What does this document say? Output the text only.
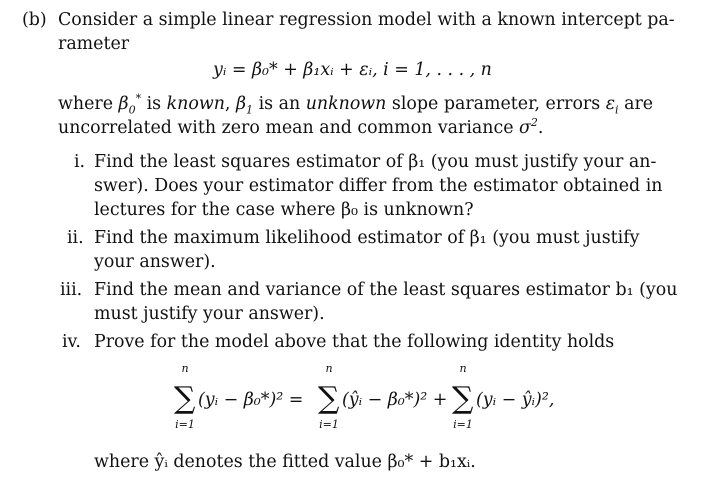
(b) Consider a simple linear regression model with a known intercept pa-
rameter
yᵢ = β₀* + β₁xᵢ + εᵢ, i = 1, . . . , n
where $\beta_0^*$ is known, $\beta_1$ is an unknown slope parameter, errors $\varepsilon_i$ are
uncorrelated with zero mean and common variance $\sigma^2$.
i. Find the least squares estimator of β₁ (you must justify your an-
swer). Does your estimator differ from the estimator obtained in
lectures for the case where β₀ is unknown?
ii. Find the maximum likelihood estimator of β₁ (you must justify
your answer).
iii. Find the mean and variance of the least squares estimator b₁ (you
must justify your answer).
iv. Prove for the model above that the following identity holds
n
∑
i=1
(yᵢ − β₀*)² =
n
∑
i=1
(ŷᵢ − β₀*)² +
n
∑
i=1
(yᵢ − ŷᵢ)²,
where ŷᵢ denotes the fitted value β₀* + b₁xᵢ.
